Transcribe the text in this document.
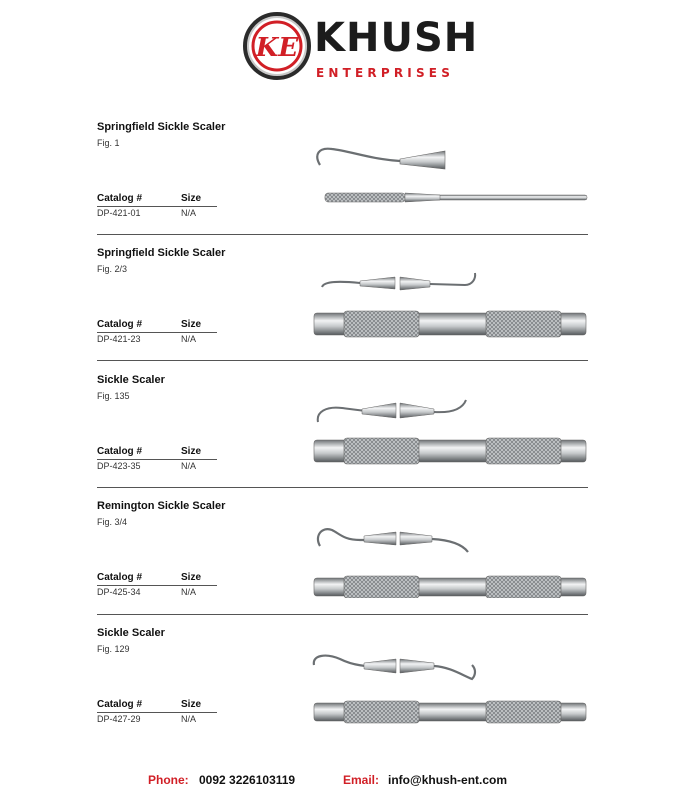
KE KHUSH
ENTERPRISES
Springfield Sickle Scaler
Fig. 1
Catalog #	Size
DP-421-01	N/A
Springfield Sickle Scaler
Fig. 2/3
Catalog #	Size
DP-421-23	N/A
Sickle Scaler
Fig. 135
Catalog #	Size
DP-423-35	N/A
Remington Sickle Scaler
Fig. 3/4
Catalog #	Size
DP-425-34	N/A
Sickle Scaler
Fig. 129
Catalog #	Size
DP-427-29	N/A
Phone: 0092 3226103119	Email: info@khush-ent.com
